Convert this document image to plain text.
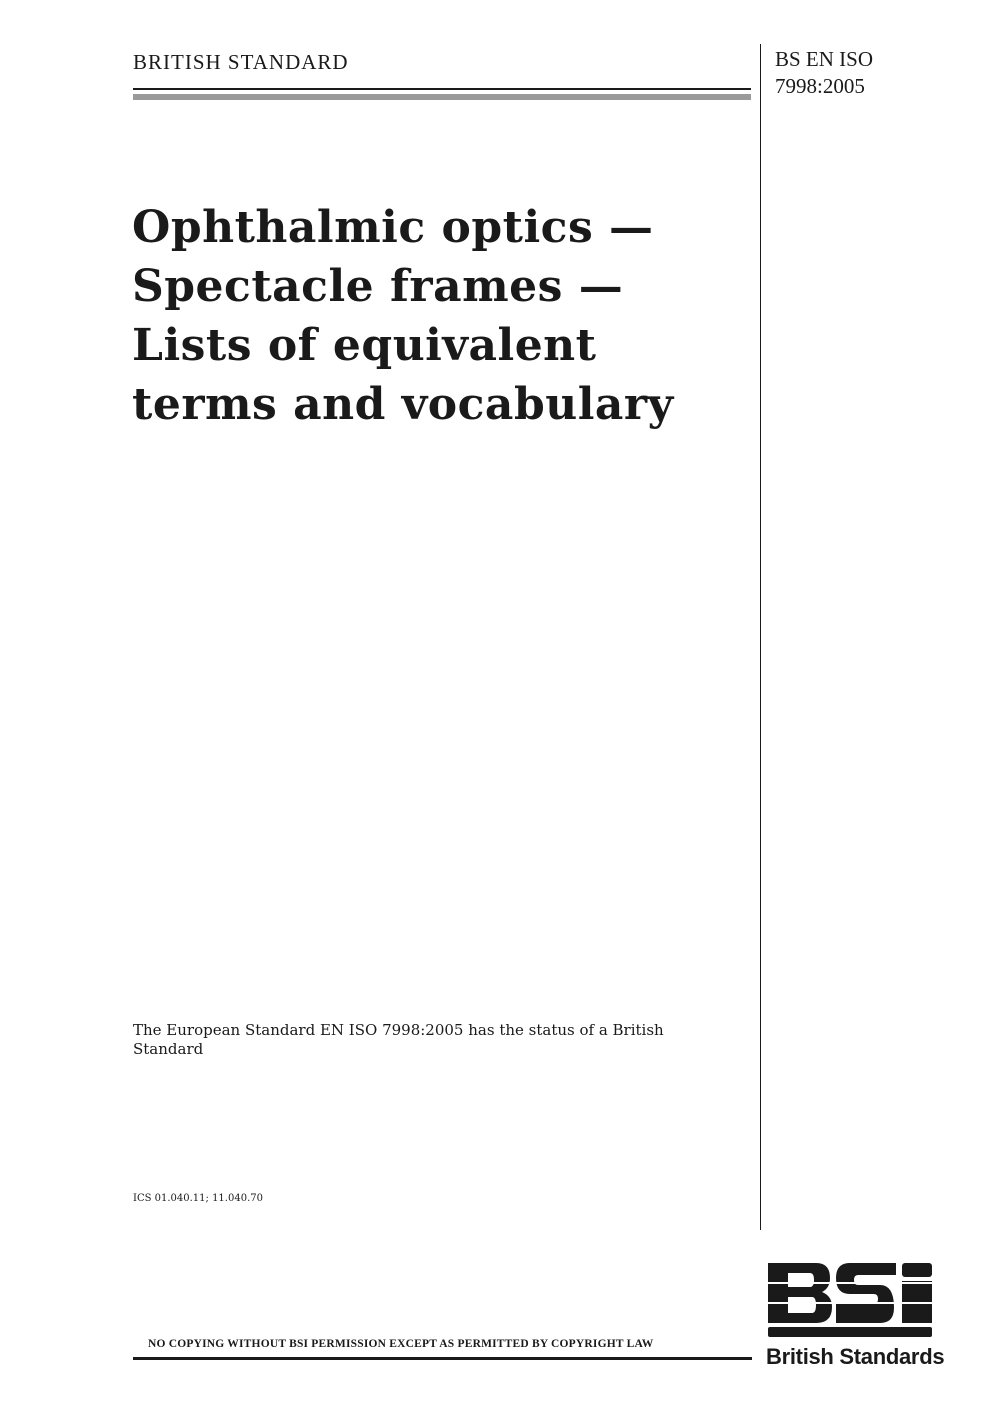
BRITISH STANDARD	BS EN ISO
7998:2005
Ophthalmic optics —
Spectacle frames —
Lists of equivalent
terms and vocabulary
The European Standard EN ISO 7998:2005 has the status of a British Standard
ICS 01.040.11; 11.040.70
NO COPYING WITHOUT BSI PERMISSION EXCEPT AS PERMITTED BY COPYRIGHT LAW	British Standards
